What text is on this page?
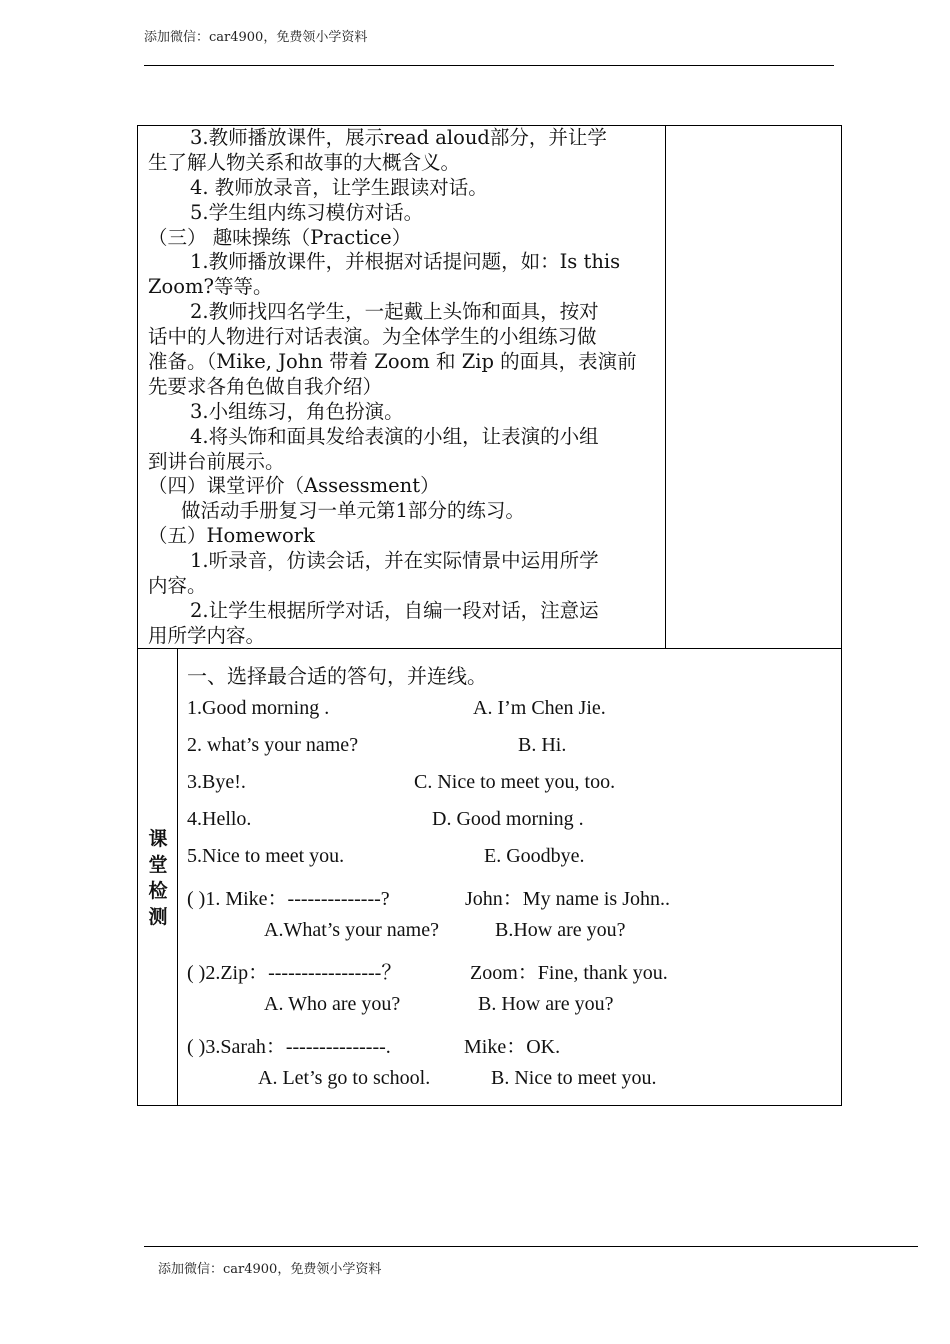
添加微信：car4900，免费领小学资料
3.教师播放课件，展示read aloud部分，并让学
生了解人物关系和故事的大概含义。
4. 教师放录音，让学生跟读对话。
5.学生组内练习模仿对话。
（三） 趣味操练（Practice）
1.教师播放课件，并根据对话提问题，如：Is this
Zoom?等等。
2.教师找四名学生，一起戴上头饰和面具，按对
话中的人物进行对话表演。为全体学生的小组练习做
准备。（Mike, John 带着 Zoom 和 Zip 的面具，表演前
先要求各角色做自我介绍）
3.小组练习，角色扮演。
4.将头饰和面具发给表演的小组，让表演的小组
到讲台前展示。
（四）课堂评价（Assessment）
做活动手册复习一单元第1部分的练习。
（五）Homework
1.听录音，仿读会话，并在实际情景中运用所学
内容。
2.让学生根据所学对话，自编一段对话，注意运
用所学内容。
课
堂
检
测
一、选择最合适的答句，并连线。
1.Good morning .	A. I’m Chen Jie.
2. what’s your name?	B. Hi.
3.Bye!.	C. Nice to meet you, too.
4.Hello.	D. Good morning .
5.Nice to meet you.	E. Goodbye.
( )1. Mike：--------------?	John：My name is John..
A.What’s your name?	B.How are you?
( )2.Zip：-----------------？	Zoom：Fine, thank you.
A. Who are you?	B. How are you?
( )3.Sarah：---------------.	Mike：OK.
A. Let’s go to school.	B. Nice to meet you.
添加微信：car4900，免费领小学资料
